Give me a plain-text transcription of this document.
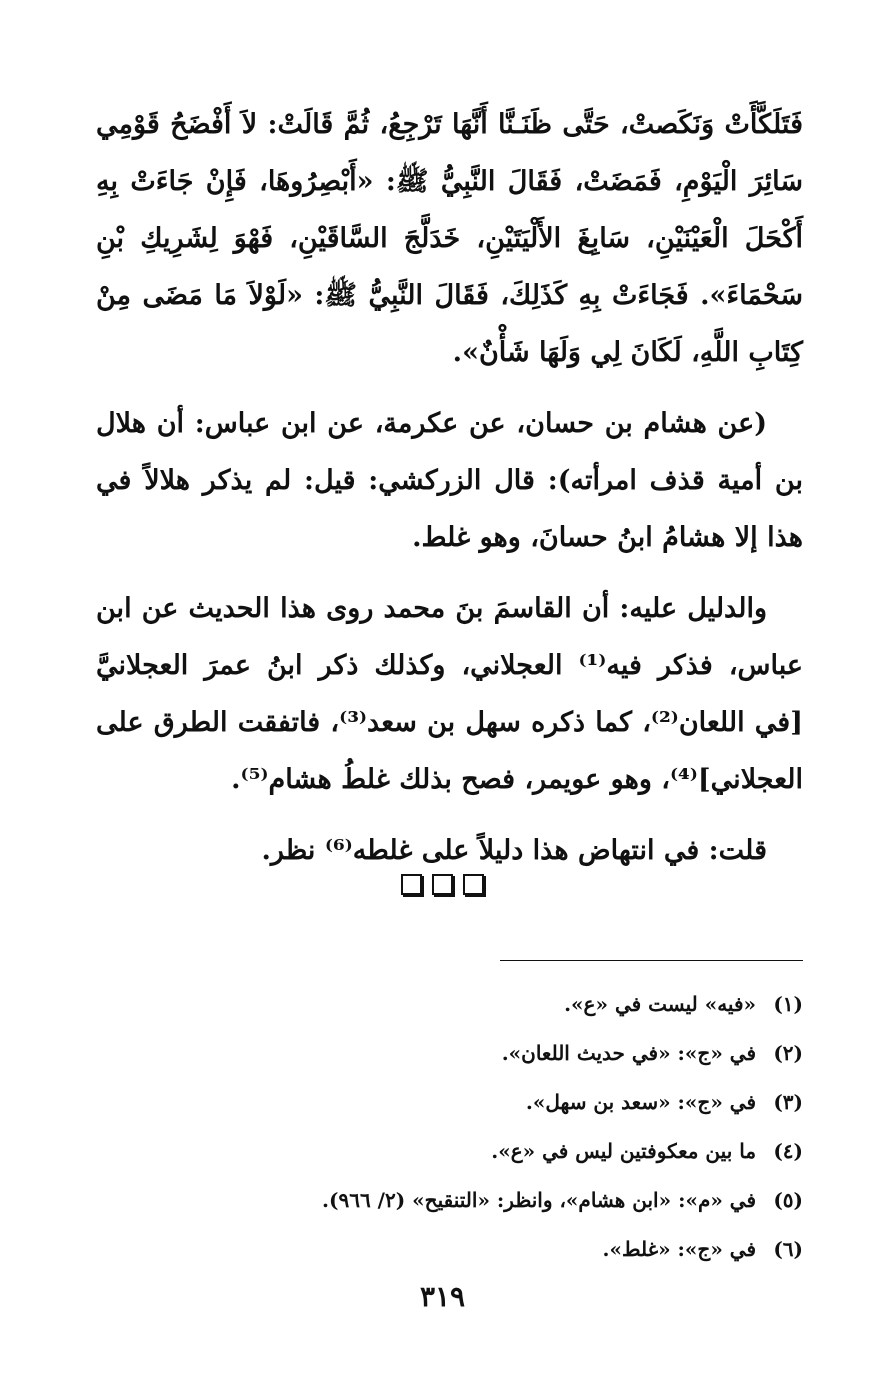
فَتَلَكَّأَتْ وَنَكَصتْ، حَتَّى ظَنَـنَّا أَنَّهَا تَرْجِعُ، ثُمَّ قَالَتْ: لاَ أَفْضَحُ قَوْمِي سَائِرَ الْيَوْمِ، فَمَضَتْ، فَقَالَ النَّبِيُّ ﷺ: «أَبْصِرُوهَا، فَإِنْ جَاءَتْ بِهِ أَكْحَلَ الْعَيْنَيْنِ، سَابِغَ الأَلْيَتَيْنِ، خَدَلَّجَ السَّاقَيْنِ، فَهْوَ لِشَرِيكِ بْنِ سَحْمَاءَ». فَجَاءَتْ بِهِ كَذَلِكَ، فَقَالَ النَّبِيُّ ﷺ: «لَوْلاَ مَا مَضَى مِنْ كِتَابِ اللَّهِ، لَكَانَ لِي وَلَهَا شَأْنٌ».

(عن هشام بن حسان، عن عكرمة، عن ابن عباس: أن هلال بن أمية قذف امرأته): قال الزركشي: قيل: لم يذكر هلالاً في هذا إلا هشامُ ابنُ حسانَ، وهو غلط.

والدليل عليه: أن القاسمَ بنَ محمد روى هذا الحديث عن ابن عباس، فذكر فيه⁽¹⁾ العجلاني، وكذلك ذكر ابنُ عمرَ العجلانيَّ [في اللعان⁽²⁾، كما ذكره سهل بن سعد⁽³⁾، فاتفقت الطرق على العجلاني]⁽⁴⁾، وهو عويمر، فصح بذلك غلطُ هشام⁽⁵⁾.

قلت: في انتهاض هذا دليلاً على غلطه⁽⁶⁾ نظر.

(١) «فيه» ليست في «ع».

(٢) في «ج»: «في حديث اللعان».

(٣) في «ج»: «سعد بن سهل».

(٤) ما بين معكوفتين ليس في «ع».

(٥) في «م»: «ابن هشام»، وانظر: «التنقيح» (٢/ ٩٦٦).

(٦) في «ج»: «غلط».

٣١٩
